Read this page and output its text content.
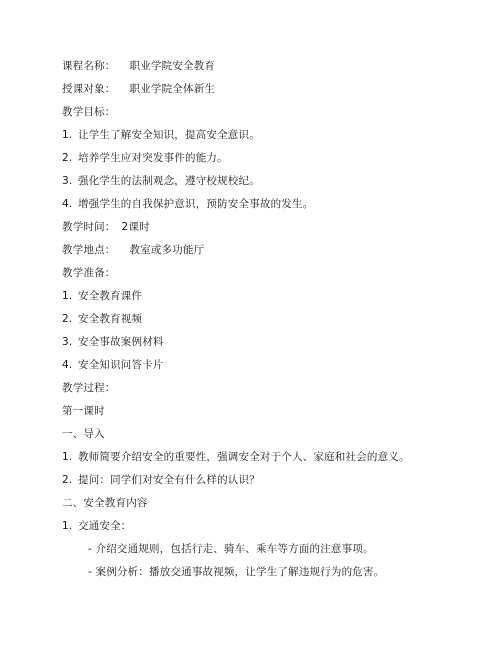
课程名称： 职业学院安全教育
授课对象： 职业学院全体新生
教学目标：
1. 让学生了解安全知识，提高安全意识。
2. 培养学生应对突发事件的能力。
3. 强化学生的法制观念，遵守校规校纪。
4. 增强学生的自我保护意识，预防安全事故的发生。
教学时间： 2课时
教学地点： 教室或多功能厅
教学准备：
1. 安全教育课件
2. 安全教育视频
3. 安全事故案例材料
4. 安全知识问答卡片
教学过程：
第一课时
一、导入
1. 教师简要介绍安全的重要性，强调安全对于个人、家庭和社会的意义。
2. 提问：同学们对安全有什么样的认识？
二、安全教育内容
1. 交通安全：
- 介绍交通规则，包括行走、骑车、乘车等方面的注意事项。
- 案例分析：播放交通事故视频，让学生了解违规行为的危害。
